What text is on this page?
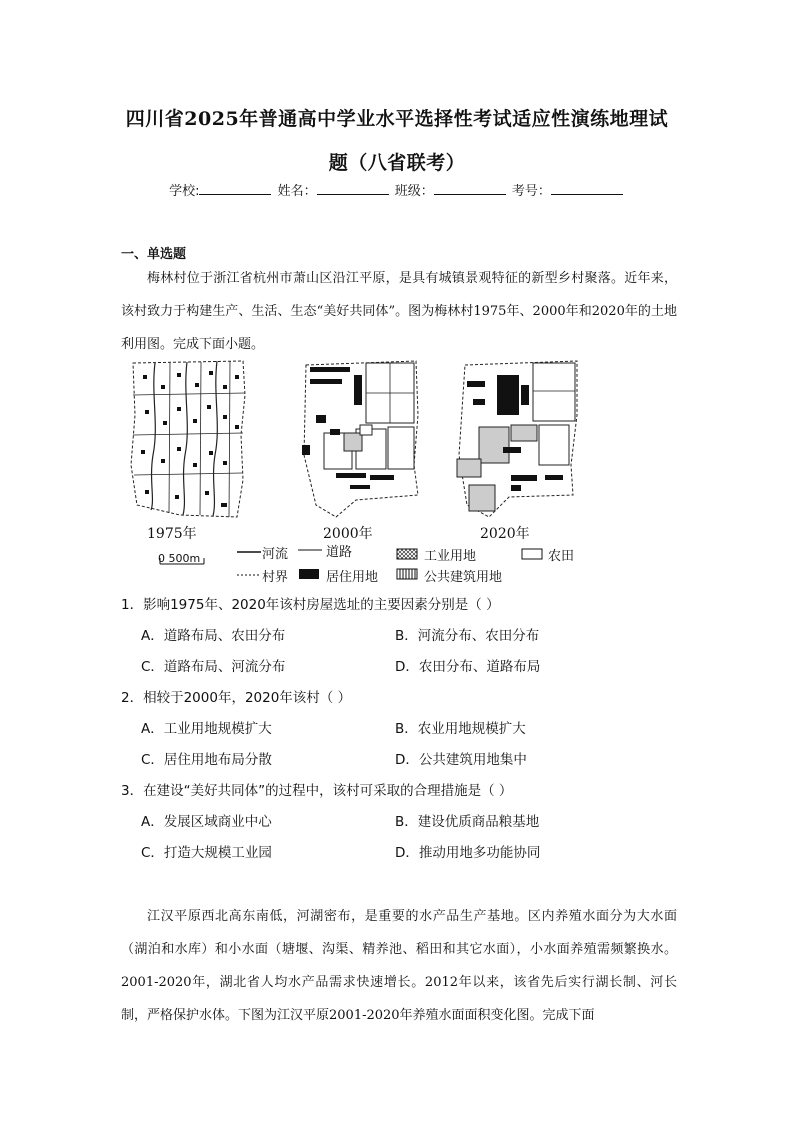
四川省2025年普通高中学业水平选择性考试适应性演练地理试
题（八省联考）
学校:	姓名：	班级：	考号：
一、单选题

梅林村位于浙江省杭州市萧山区沿江平原，是具有城镇景观特征的新型乡村聚落。近年来，该村致力于构建生产、生活、生态“美好共同体”。图为梅林村1975年、2000年和2020年的土地利用图。完成下面小题。

1975年	2000年	2020年
0 500m	河流	道路	工业用地	农田
村界	居住用地	公共建筑用地
1．影响1975年、2020年该村房屋选址的主要因素分别是（ ）
A．道路布局、农田分布	B．河流分布、农田分布
C．道路布局、河流分布	D．农田分布、道路布局
2．相较于2000年，2020年该村（ ）
A．工业用地规模扩大	B．农业用地规模扩大
C．居住用地布局分散	D．公共建筑用地集中
3．在建设“美好共同体”的过程中，该村可采取的合理措施是（ ）
A．发展区域商业中心	B．建设优质商品粮基地
C．打造大规模工业园	D．推动用地多功能协同

江汉平原西北高东南低，河湖密布，是重要的水产品生产基地。区内养殖水面分为大水面（湖泊和水库）和小水面（塘堰、沟渠、精养池、稻田和其它水面），小水面养殖需频繁换水。2001-2020年，湖北省人均水产品需求快速增长。2012年以来，该省先后实行湖长制、河长制，严格保护水体。下图为江汉平原2001-2020年养殖水面面积变化图。完成下面
